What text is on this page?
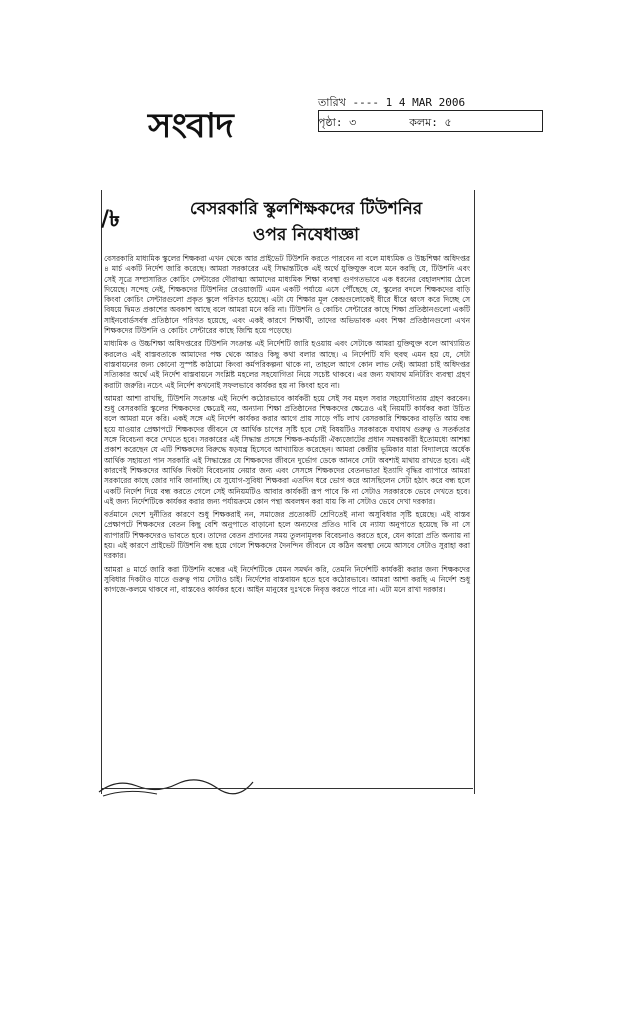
সংবাদ
তারিখ ---- 1 4 MAR 2006
পৃষ্ঠা: ৩	কলম: ৫
/৳	বেসরকারি স্কুলশিক্ষকদের টিউশনির
ওপর নিষেধাজ্ঞা

বেসরকারি মাধ্যমিক স্কুলের শিক্ষকরা এখন থেকে আর প্রাইভেট টিউশনি করতে পারবেন না বলে মাধ্যমিক ও উচ্চশিক্ষা অধিদপ্তর ৪ মার্চ একটি নির্দেশ জারি করেছে। আমরা সরকারের এই সিদ্ধান্তটিকে এই অর্থে যুক্তিযুক্ত বলে মনে করছি যে, টিউশনি এবং সেই সূত্রে সম্প্রসারিত কোচিং সেন্টারের দৌরাত্ম্য আমাদের মাধ্যমিক শিক্ষা ব্যবস্থা গুণগতভাবে এক ধরনের বেহালদশায় ঠেলে দিয়েছে। সন্দেহ নেই, শিক্ষকদের টিউশনির রেওয়াজটি এমন একটি পর্যায়ে এসে পৌঁছেছে যে, স্কুলের বদলে শিক্ষকদের বাড়ি কিংবা কোচিং সেন্টারগুলো প্রকৃত স্কুলে পরিণত হয়েছে। এটা যে শিক্ষার মূল কেন্দ্রগুলোকেই ধীরে ধীরে ধ্বংস করে দিচ্ছে সে বিষয়ে দ্বিমত প্রকাশের অবকাশ আছে বলে আমরা মনে করি না। টিউশনি ও কোচিং সেন্টারের কাছে শিক্ষা প্রতিষ্ঠানগুলো একটি সাইনবোর্ডসর্বস্ব প্রতিষ্ঠানে পরিণত হয়েছে, এবং একই কারণে শিক্ষার্থী, তাদের অভিভাবক এবং শিক্ষা প্রতিষ্ঠানগুলো এখন শিক্ষকদের টিউশনি ও কোচিং সেন্টারের কাছে জিম্মি হয়ে পড়েছে।

মাধ্যমিক ও উচ্চশিক্ষা অধিদপ্তরের টিউশনি সংক্রান্ত এই নির্দেশটি জারি হওয়ায় এবং সেটাকে আমরা যুক্তিযুক্ত বলে আখ্যায়িত করলেও এই বাস্তবতাকে আমাদের পক্ষ থেকে আরও কিছু কথা বলার আছে। এ নির্দেশটি যদি হুবহু এমন হয় যে, সেটা বাস্তবায়নের জন্য কোনো সুস্পষ্ট কাঠামো কিংবা কর্মপরিকল্পনা থাকে না, তাহলে আগে কোন লাভ নেই। আমরা চাই অধিদপ্তর সত্যিকার অর্থে এই নির্দেশ বাস্তবায়নে সংশ্লিষ্ট মহলের সহযোগিতা নিয়ে সচেষ্ট থাকবে। এর জন্য যথাযথ মনিটরিং ব্যবস্থা গ্রহণ করাটা জরুরি। নচেৎ এই নির্দেশ কখনোই সফলভাবে কার্যকর হয় না কিংবা হবে না।

আমরা আশা রাখছি, টিউশনি সংক্রান্ত এই নির্দেশ কঠোরভাবে কার্যকরী হয়ে সেই সব মহল সবার সহযোগিতায় গ্রহণ করবেন। শুধু বেসরকারি স্কুলের শিক্ষকদের ক্ষেত্রেই নয়, অন্যান্য শিক্ষা প্রতিষ্ঠানের শিক্ষকদের ক্ষেত্রেও এই নিয়মটি কার্যকর করা উচিত বলে আমরা মনে করি। একই সঙ্গে এই নির্দেশ কার্যকর করার আগে প্রায় সাড়ে পাঁচ লাখ বেসরকারি শিক্ষকের বাড়তি আয় বন্ধ হয়ে যাওয়ার প্রেক্ষাপটে শিক্ষকদের জীবনে যে আর্থিক চাপের সৃষ্টি হবে সেই বিষয়টিও সরকারকে যথাযথ গুরুত্ব ও সতর্কতার সঙ্গে বিবেচনা করে দেখতে হবে। সরকারের এই সিদ্ধান্ত প্রসঙ্গে শিক্ষক-কর্মচারী ঐক্যজোটের প্রধান সমন্বয়কারী ইতোমধ্যে আশঙ্কা প্রকাশ করেছেন যে এটি শিক্ষকদের বিরুদ্ধে ষড়যন্ত্র হিসেবে আখ্যায়িত করেছেন। আমরা কেন্দ্রীয় ভূমিকার যারা বিদ্যালয়ে অর্ধেক আর্থিক সহায়তা পান সরকারি এই সিদ্ধান্তের যে শিক্ষকদের জীবনে দুর্ভোগ ডেকে আনবে সেটা অবশ্যই মাথায় রাখতে হবে। এই কারণেই শিক্ষকদের আর্থিক দিকটা বিবেচনায় নেয়ার জন্য এবং সেসঙ্গে শিক্ষকদের বেতনভাতা ইত্যাদি বৃদ্ধির ব্যাপারে আমরা সরকারের কাছে জোর দাবি জানাচ্ছি। যে সুযোগ-সুবিধা শিক্ষকরা এতদিন ধরে ভোগ করে আসছিলেন সেটা হঠাৎ করে বন্ধ হলে একটি নির্দেশ দিয়ে বন্ধ করতে গেলে সেই অনিয়মটিও আবার কার্যকরী রূপ পাবে কি না সেটাও সরকারকে ভেবে দেখতে হবে। এই জন্য নির্দেশটিকে কার্যকর করার জন্য পর্যায়ক্রমে কোন পন্থা অবলম্বন করা যায় কি না সেটাও ভেবে দেখা দরকার।

বর্তমানে দেশে দুর্নীতির কারণে শুধু শিক্ষকরাই নন, সমাজের প্রত্যেকটি শ্রেণিতেই নানা অসুবিধার সৃষ্টি হয়েছে। এই বাস্তব প্রেক্ষাপটে শিক্ষকদের বেতন কিছু বেশি অনুপাতে বাড়ানো হলে অন্যদের প্রতিও দাবি যে ন্যায্য অনুপাতে হয়েছে কি না সে ব্যাপারটি শিক্ষকদেরও ভাবতে হবে। তাদের বেতন প্রদানের সময় তুলনামূলক বিবেচনাও করতে হবে, যেন কারো প্রতি অন্যায় না হয়। এই কারণে প্রাইভেট টিউশনি বন্ধ হয়ে গেলে শিক্ষকদের দৈনন্দিন জীবনে যে কঠিন অবস্থা নেমে আসবে সেটাও সুরাহা করা দরকার।

আমরা ৪ মার্চে জারি করা টিউশনি বন্ধের এই নির্দেশটিকে যেমন সমর্থন করি, তেমনি নির্দেশটি কার্যকরী করার জন্য শিক্ষকদের সুবিধার দিকটাও যাতে গুরুত্ব পায় সেটাও চাই। নির্দেশের বাস্তবায়ন হতে হবে কঠোরভাবে। আমরা আশা করছি এ নির্দেশ শুধু কাগজে-কলমে থাকবে না, বাস্তবেও কার্যকর হবে। আইন মানুষের দুঃখকে নিবৃত্ত করতে পারে না। এটা মনে রাখা দরকার।
